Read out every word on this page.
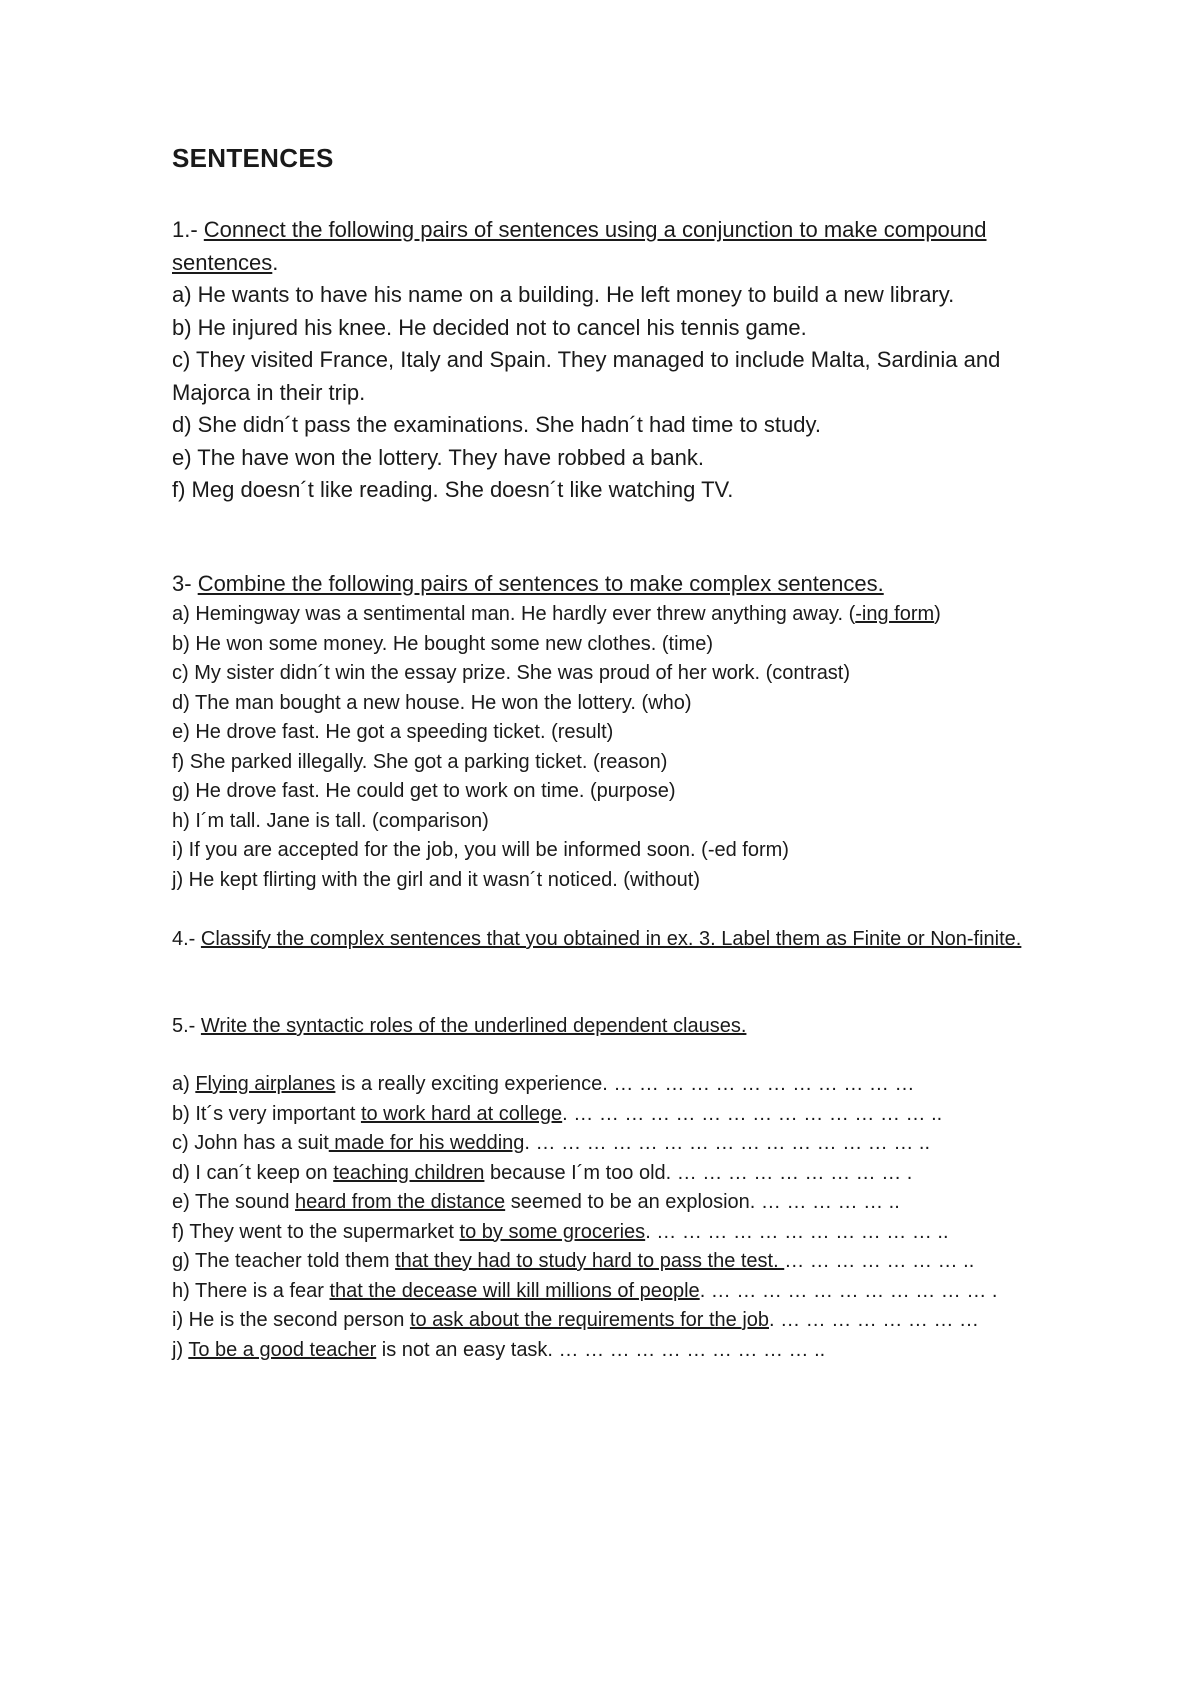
SENTENCES
1.- Connect the following pairs of sentences using a conjunction to make compound sentences.
a) He wants to have his name on a building. He left money to build a new library.
b) He injured his knee. He decided not to cancel his tennis game.
c) They visited France, Italy and Spain. They managed to include Malta, Sardinia and Majorca in their trip.
d) She didn´t pass the examinations. She hadn´t had time to study.
e) The have won the lottery. They have robbed a bank.
f) Meg doesn´t like reading. She doesn´t like watching TV.
3- Combine the following pairs of sentences to make complex sentences.
a) Hemingway was a sentimental man. He hardly ever threw anything away. (-ing form)
b) He won some money. He bought some new clothes. (time)
c) My sister didn´t win the essay prize. She was proud of her work. (contrast)
d) The man bought a new house. He won the lottery. (who)
e) He drove fast. He got a speeding ticket. (result)
f) She parked illegally. She got a parking ticket. (reason)
g) He drove fast. He could get to work on time. (purpose)
h) I´m tall. Jane is tall. (comparison)
i) If you are accepted for the job, you will be informed soon. (-ed form)
j) He kept flirting with the girl and it wasn´t noticed. (without)
4.- Classify the complex sentences that you obtained in ex. 3. Label them as Finite or Non-finite.
5.- Write the syntactic roles of the underlined dependent clauses.
a) Flying airplanes is a really exciting experience. … … … … … … … … … … … …
b) It´s very important to work hard at college. … … … … … … … … … … … … … … ..
c) John has a suit made for his wedding. … … … … … … … … … … … … … … … ..
d) I can´t keep on teaching children because I´m too old. … … … … … … … … … .
e) The sound heard from the distance seemed to be an explosion. … … … … … ..
f) They went to the supermarket to by some groceries. … … … … … … … … … … … ..
g) The teacher told them that they had to study hard to pass the test. … … … … … … … ..
h) There is a fear that the decease will kill millions of people. … … … … … … … … … … … .
i) He is the second person to ask about the requirements for the job. … … … … … … … …
j) To be a good teacher is not an easy task. … … … … … … … … … … ..
